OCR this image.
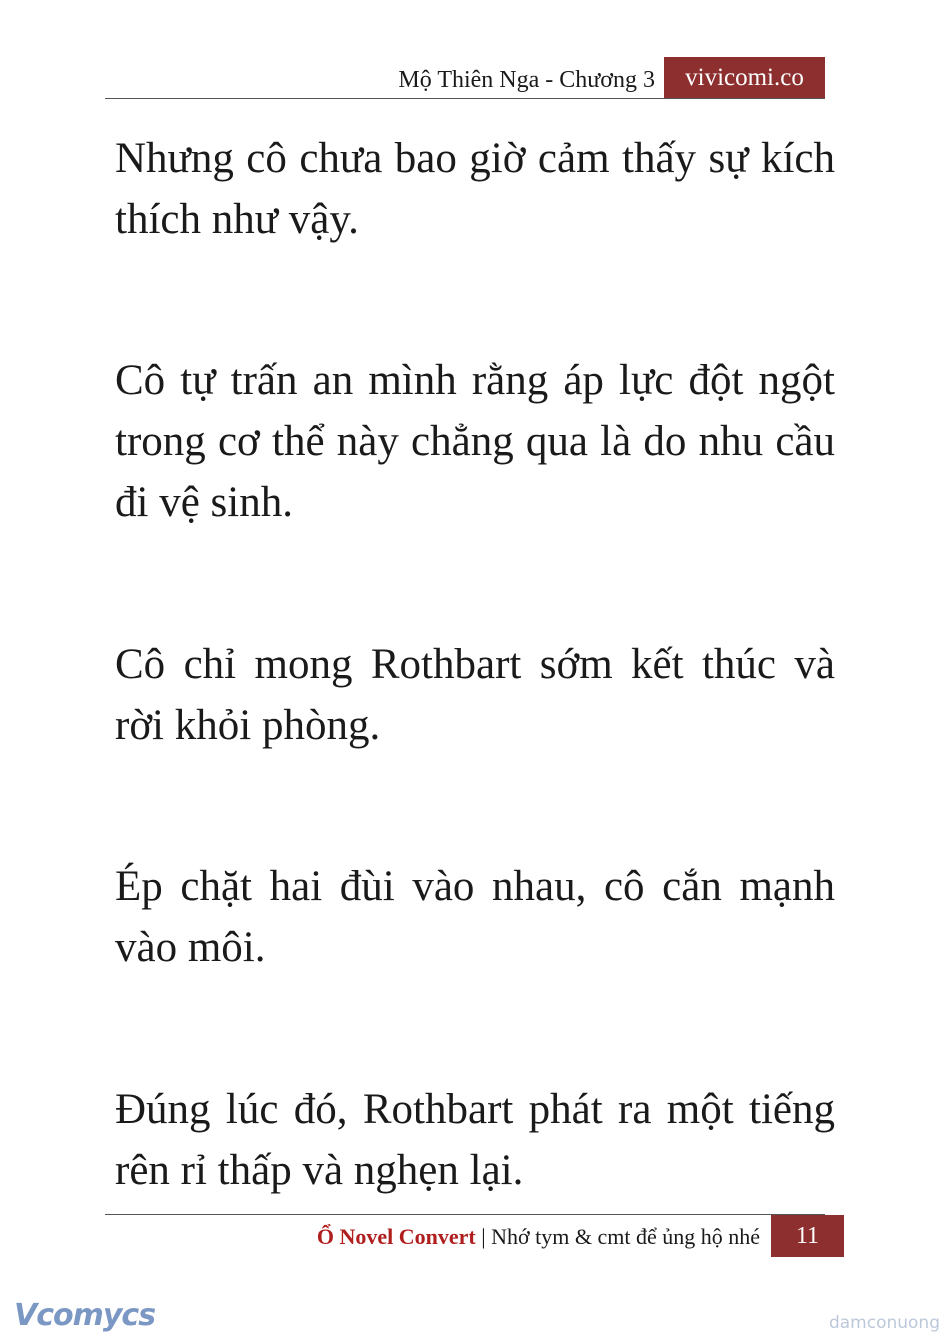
Mộ Thiên Nga - Chương 3	vivicomi.co

Nhưng cô chưa bao giờ cảm thấy sự kích thích như vậy.

Cô tự trấn an mình rằng áp lực đột ngột trong cơ thể này chẳng qua là do nhu cầu đi vệ sinh.

Cô chỉ mong Rothbart sớm kết thúc và rời khỏi phòng.

Ép chặt hai đùi vào nhau, cô cắn mạnh vào môi.

Đúng lúc đó, Rothbart phát ra một tiếng rên rỉ thấp và nghẹn lại.

Ổ Novel Convert | Nhớ tym & cmt để ủng hộ nhé	11
Vcomycs	damconuong
